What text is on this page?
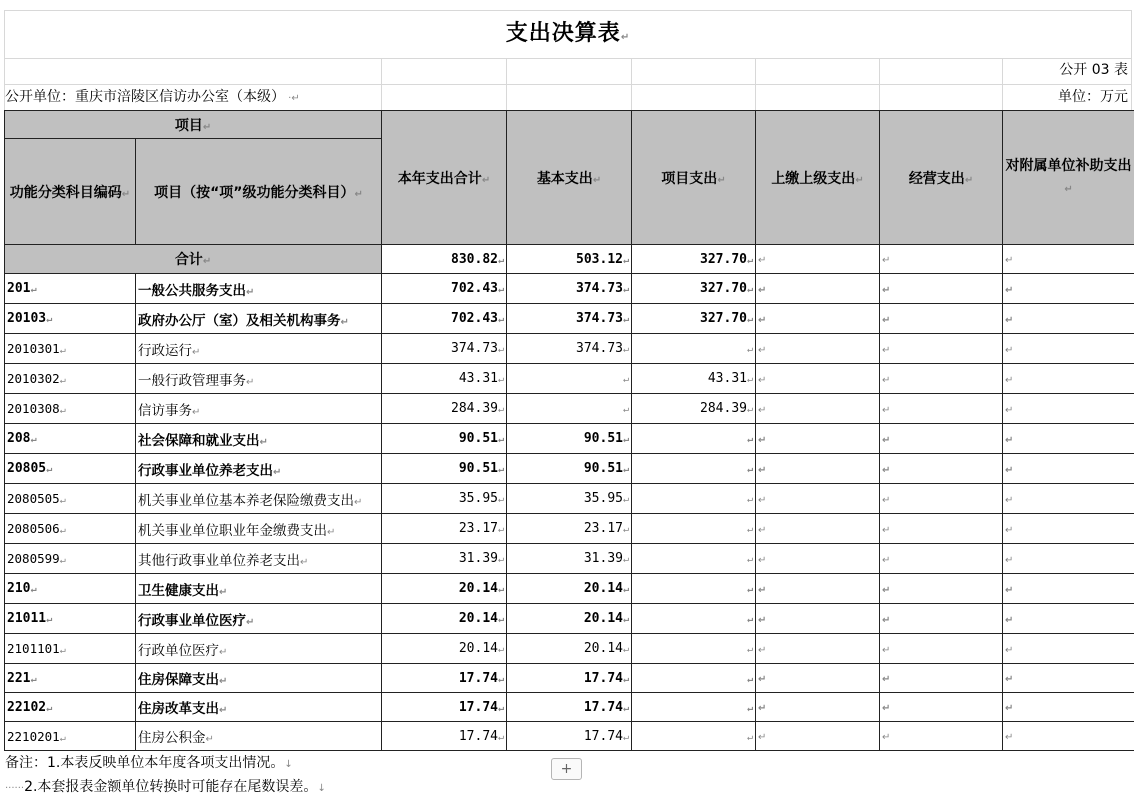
支出决算表↵
公开 03 表
公开单位：重庆市涪陵区信访办公室（本级） ·↵	单位：万元
项目↵		本年支出合计↵	基本支出↵	项目支出↵	上缴上级支出↵	经营支出↵	对附属单位补助支出↵
功能分类科目编码↵	项目（按“项”级功能分类科目）↵						
合计↵		830.82↵	503.12↵	327.70↵	↵	↵	↵
201↵	一般公共服务支出↵	702.43↵	374.73↵	327.70↵	↵	↵	↵
20103↵	政府办公厅（室）及相关机构事务↵	702.43↵	374.73↵	327.70↵	↵	↵	↵
2010301↵	行政运行↵	374.73↵	374.73↵	↵	↵	↵	↵
2010302↵	一般行政管理事务↵	43.31↵	↵	43.31↵	↵	↵	↵
2010308↵	信访事务↵	284.39↵	↵	284.39↵	↵	↵	↵
208↵	社会保障和就业支出↵	90.51↵	90.51↵	↵	↵	↵	↵
20805↵	行政事业单位养老支出↵	90.51↵	90.51↵	↵	↵	↵	↵
2080505↵	机关事业单位基本养老保险缴费支出↵	35.95↵	35.95↵	↵	↵	↵	↵
2080506↵	机关事业单位职业年金缴费支出↵	23.17↵	23.17↵	↵	↵	↵	↵
2080599↵	其他行政事业单位养老支出↵	31.39↵	31.39↵	↵	↵	↵	↵
210↵	卫生健康支出↵	20.14↵	20.14↵	↵	↵	↵	↵
21011↵	行政事业单位医疗↵	20.14↵	20.14↵	↵	↵	↵	↵
2101101↵	行政单位医疗↵	20.14↵	20.14↵	↵	↵	↵	↵
221↵	住房保障支出↵	17.74↵	17.74↵	↵	↵	↵	↵
22102↵	住房改革支出↵	17.74↵	17.74↵	↵	↵	↵	↵
2210201↵	住房公积金↵	17.74↵	17.74↵	↵	↵	↵	↵
备注：1.本表反映单位本年度各项支出情况。↓
······2.本套报表金额单位转换时可能存在尾数误差。↓
+
